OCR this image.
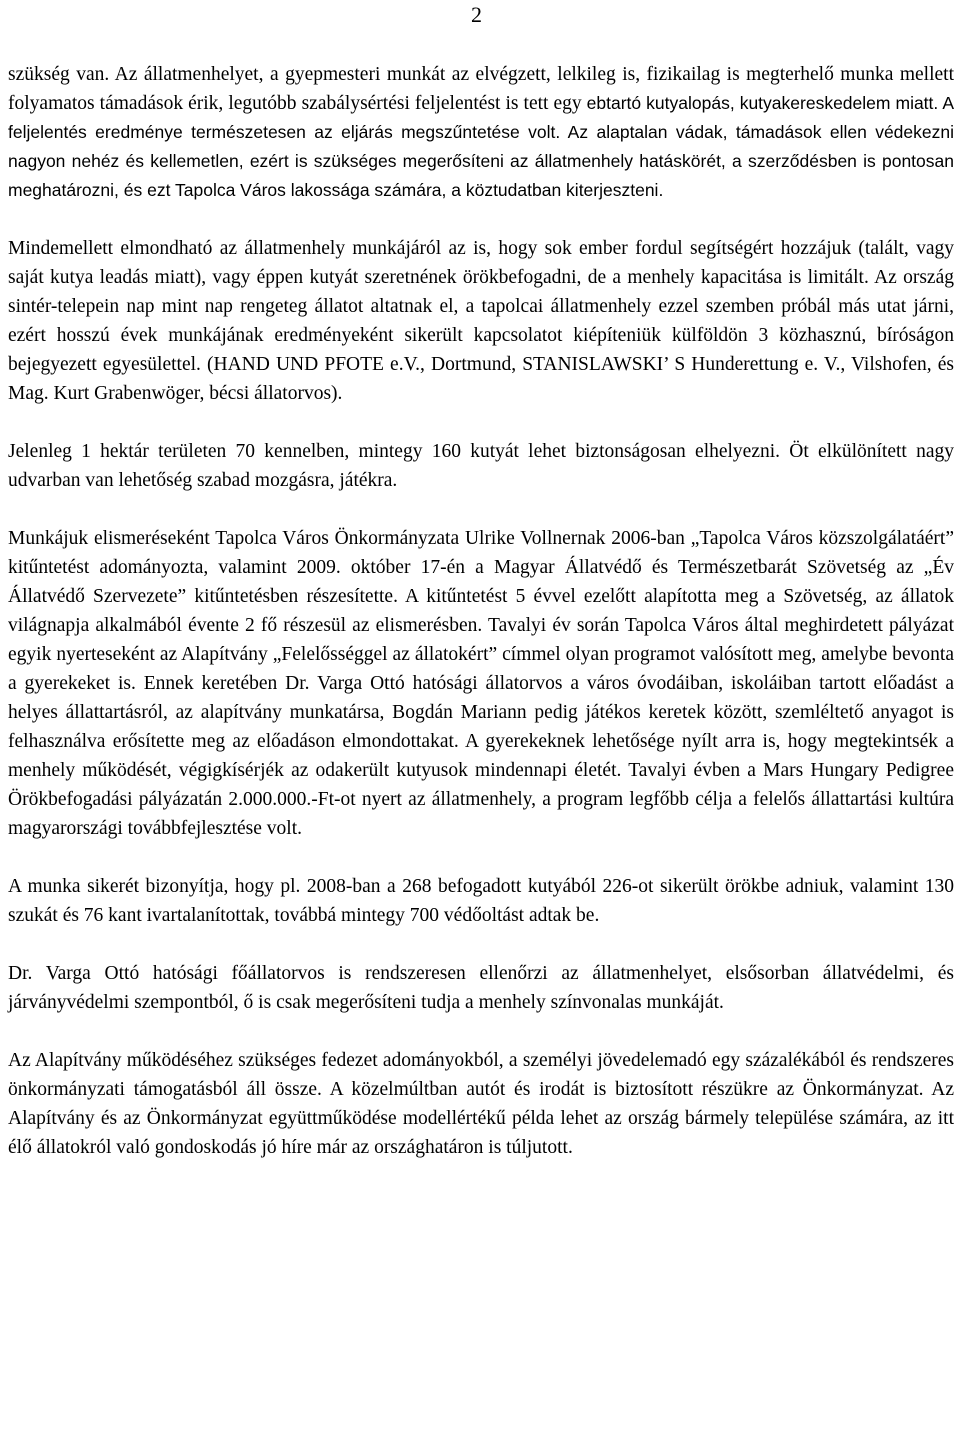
2

szükség van. Az állatmenhelyet, a gyepmesteri munkát az elvégzett, lelkileg is, fizikailag is megterhelő munka mellett folyamatos támadások érik, legutóbb szabálysértési feljelentést is tett egy ebtartó kutyalopás, kutyakereskedelem miatt. A feljelentés eredménye természetesen az eljárás megszűntetése volt. Az alaptalan vádak, támadások ellen védekezni nagyon nehéz és kellemetlen, ezért is szükséges megerősíteni az állatmenhely hatáskörét, a szerződésben is pontosan meghatározni, és ezt Tapolca Város lakossága számára, a köztudatban kiterjeszteni.

Mindemellett elmondható az állatmenhely munkájáról az is, hogy sok ember fordul segítségért hozzájuk (talált, vagy saját kutya leadás miatt), vagy éppen kutyát szeretnének örökbefogadni, de a menhely kapacitása is limitált. Az ország sintér-telepein nap mint nap rengeteg állatot altatnak el, a tapolcai állatmenhely ezzel szemben próbál más utat járni, ezért hosszú évek munkájának eredményeként sikerült kapcsolatot kiépíteniük külföldön 3 közhasznú, bíróságon bejegyezett egyesülettel. (HAND UND PFOTE e.V., Dortmund, STANISLAWSKI’ S Hunderettung e. V., Vilshofen, és Mag. Kurt Grabenwöger, bécsi állatorvos).

Jelenleg 1 hektár területen 70 kennelben, mintegy 160 kutyát lehet biztonságosan elhelyezni. Öt elkülönített nagy udvarban van lehetőség szabad mozgásra, játékra.

Munkájuk elismeréseként Tapolca Város Önkormányzata Ulrike Vollnernak 2006-ban „Tapolca Város közszolgálatáért” kitűntetést adományozta, valamint 2009. október 17-én a Magyar Állatvédő és Természetbarát Szövetség az „Év Állatvédő Szervezete” kitűntetésben részesítette. A kitűntetést 5 évvel ezelőtt alapította meg a Szövetség, az állatok világnapja alkalmából évente 2 fő részesül az elismerésben. Tavalyi év során Tapolca Város által meghirdetett pályázat egyik nyerteseként az Alapítvány „Felelősséggel az állatokért” címmel olyan programot valósított meg, amelybe bevonta a gyerekeket is. Ennek keretében Dr. Varga Ottó hatósági állatorvos a város óvodáiban, iskoláiban tartott előadást a helyes állattartásról, az alapítvány munkatársa, Bogdán Mariann pedig játékos keretek között, szemléltető anyagot is felhasználva erősítette meg az előadáson elmondottakat. A gyerekeknek lehetősége nyílt arra is, hogy megtekintsék a menhely működését, végigkísérjék az odakerült kutyusok mindennapi életét. Tavalyi évben a Mars Hungary Pedigree Örökbefogadási pályázatán 2.000.000.-Ft-ot nyert az állatmenhely, a program legfőbb célja a felelős állattartási kultúra magyarországi továbbfejlesztése volt.

A munka sikerét bizonyítja, hogy pl. 2008-ban a 268 befogadott kutyából 226-ot sikerült örökbe adniuk, valamint 130 szukát és 76 kant ivartalanítottak, továbbá mintegy 700 védőoltást adtak be.

Dr. Varga Ottó hatósági főállatorvos is rendszeresen ellenőrzi az állatmenhelyet, elsősorban állatvédelmi, és járványvédelmi szempontból, ő is csak megerősíteni tudja a menhely színvonalas munkáját.

Az Alapítvány működéséhez szükséges fedezet adományokból, a személyi jövedelemadó egy százalékából és rendszeres önkormányzati támogatásból áll össze. A közelmúltban autót és irodát is biztosított részükre az Önkormányzat. Az Alapítvány és az Önkormányzat együttműködése modellértékű példa lehet az ország bármely települése számára, az itt élő állatokról való gondoskodás jó híre már az országhatáron is túljutott.
